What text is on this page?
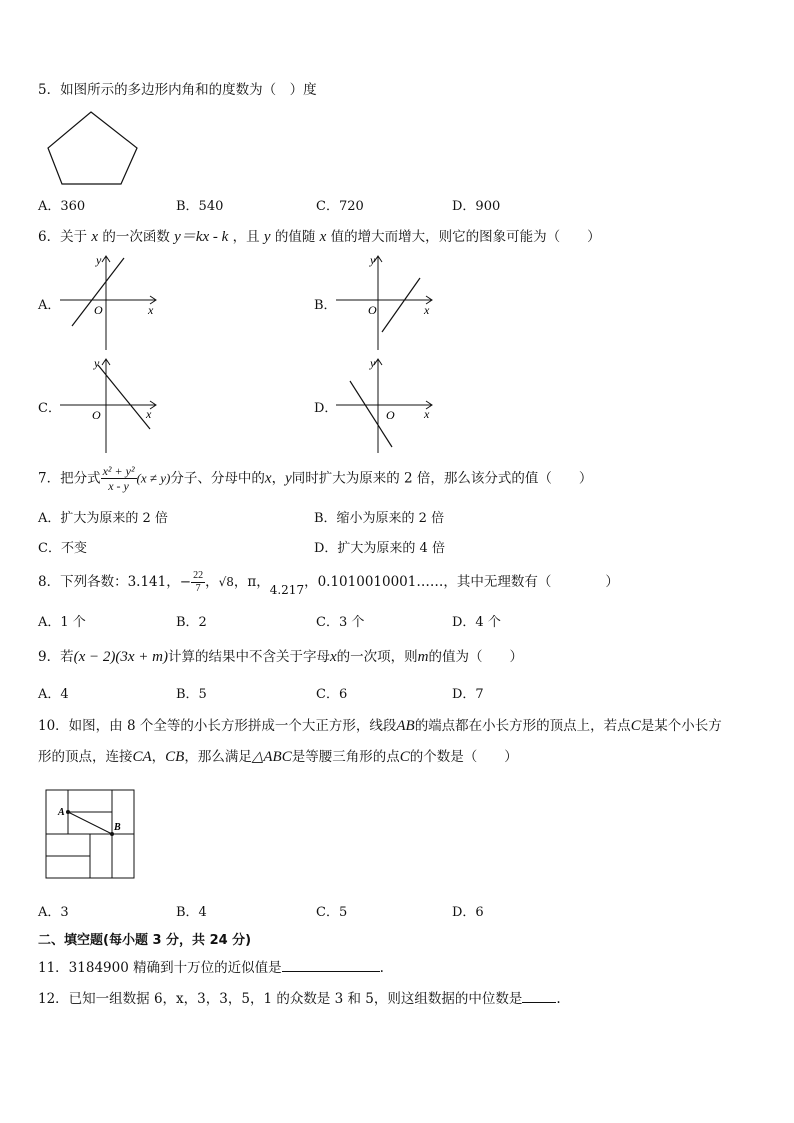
5．如图所示的多边形内角和的度数为（　）度
A．360	B．540	C．720	D．900
6．关于 x 的一次函数 y＝kx - k ，且 y 的值随 x 值的增大而增大，则它的图象可能为（　　）
A．	O	x
y
B．	O	x
y
C．	O	x
y
D．	O x
y
7．把分式 $\frac{\text{x² + y²}}{x - y} (x \ne y)$分子、分母中的x，y同时扩大为原来的 2 倍，那么该分式的值（　　）
A．扩大为原来的 2 倍	B．缩小为原来的 2 倍
C．不变	D．扩大为原来的 4 倍
8．下列各数：3.141，− $\frac{22}{7}$ ，√8，π，4.217，0.1010010001……，其中无理数有（　　　　）
A．1 个	B．2	C．3 个	D．4 个
9．若(x − 2)(3x + m)计算的结果中不含关于字母x的一次项，则m的值为（　　）
A．4	B．5	C．6	D．7
10．如图，由 8 个全等的小长方形拼成一个大正方形，线段AB的端点都在小长方形的顶点上，若点C是某个小长方
形的顶点，连接CA，CB，那么满足△ABC是等腰三角形的点C的个数是（　　）
A
B
A．3	B．4	C．5	D．6
二、填空题(每小题 3 分，共 24 分)
11．3184900 精确到十万位的近似值是	.
12．已知一组数据 6，x，3，3，5，1 的众数是 3 和 5，则这组数据的中位数是	.
